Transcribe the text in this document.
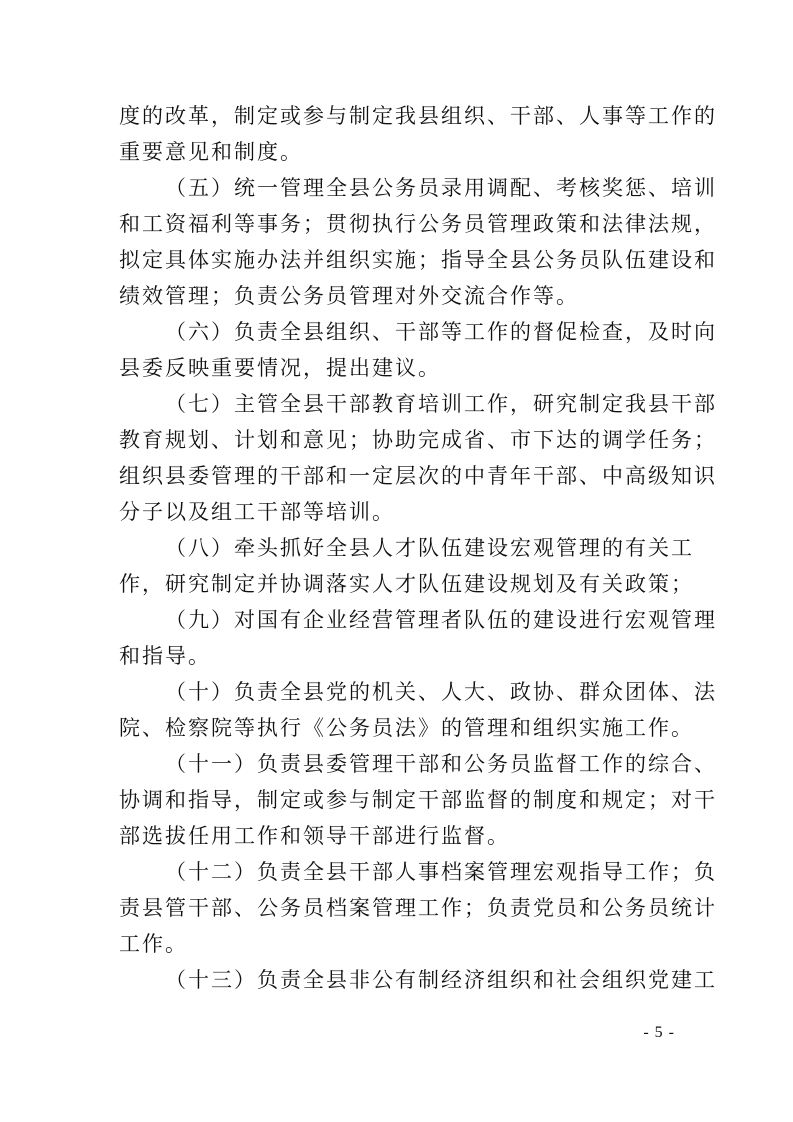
度的改革，制定或参与制定我县组织、干部、人事等工作的
重要意见和制度。
（五）统一管理全县公务员录用调配、考核奖惩、培训
和工资福利等事务；贯彻执行公务员管理政策和法律法规，
拟定具体实施办法并组织实施；指导全县公务员队伍建设和
绩效管理；负责公务员管理对外交流合作等。
（六）负责全县组织、干部等工作的督促检查，及时向
县委反映重要情况，提出建议。
（七）主管全县干部教育培训工作，研究制定我县干部
教育规划、计划和意见；协助完成省、市下达的调学任务；
组织县委管理的干部和一定层次的中青年干部、中高级知识
分子以及组工干部等培训。
（八）牵头抓好全县人才队伍建设宏观管理的有关工
作，研究制定并协调落实人才队伍建设规划及有关政策；
（九）对国有企业经营管理者队伍的建设进行宏观管理
和指导。
（十）负责全县党的机关、人大、政协、群众团体、法
院、检察院等执行《公务员法》的管理和组织实施工作。
（十一）负责县委管理干部和公务员监督工作的综合、
协调和指导，制定或参与制定干部监督的制度和规定；对干
部选拔任用工作和领导干部进行监督。
（十二）负责全县干部人事档案管理宏观指导工作；负
责县管干部、公务员档案管理工作；负责党员和公务员统计
工作。
（十三）负责全县非公有制经济组织和社会组织党建工
- 5 -
